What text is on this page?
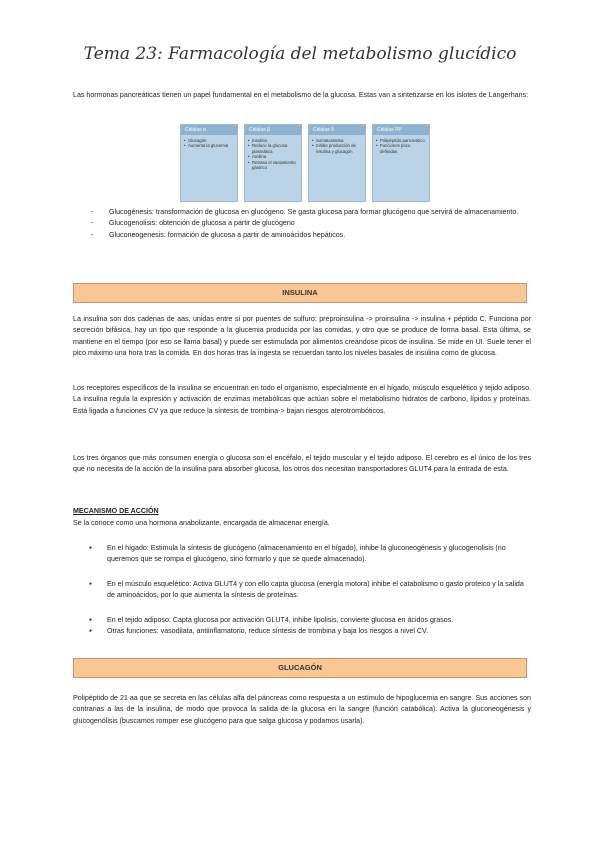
Tema 23: Farmacología del metabolismo glucídico
Las hormonas pancreáticas tienen un papel fundamental en el metabolismo de la glucosa. Estas van a sintetizarse en los islotes de Langerhans:
Células α
• Glucagón
• Aumenta la glucemia
Células β
• Insulina
• Reduce la glucosa plasmática
• Amilina
• Retrasa el vaciamiento gástrico
Células δ
• Somatostatina
• Inhibe producción de insulina y glucagón
Células PP
• Polipéptido pancreático
• Funciones poco definidas
- Glucogénesis: transformación de glucosa en glucógeno. Se gasta glucosa para formar glucógeno que servirá de almacenamiento.
- Glucogenolisis: obtención de glucosa a partir de glucógeno
- Gluconeogenesis: formación de glucosa a partir de aminoácidos hepáticos.
INSULINA
La insulina son dos cadenas de aas, unidas entre sí por puentes de sulfuro: preproinsulina -> proinsulina -> insulina + péptido C. Funciona por secreción bifásica, hay un tipo que responde a la glucemia producida por las comidas, y otro que se produce de forma basal. Esta última, se mantiene en el tiempo (por eso se llama basal) y puede ser estimulada por alimentos creándose picos de insulina. Se mide en UI. Suele tener el pico máximo una hora tras la comida. En dos horas tras la ingesta se recuerdan tanto los niveles basales de insulina como de glucosa.
Los receptores específicos de la insulina se encuentran en todo el organismo, especialmente en el hígado, músculo esquelético y tejido adiposo. La insulina regula la expresión y activación de enzimas metabólicas que actúan sobre el metabolismo hidratos de carbono, lípidos y proteínas. Está ligada a funciones CV ya que reduce la síntesis de trombina-> bajan riesgos aterotrombóticos.
Los tres órganos que más consumen energía o glucosa son el encéfalo, el tejido muscular y el tejido adiposo. El cerebro es el único de los tres que no necesita de la acción de la insulina para absorber glucosa, los otros dos necesitan transportadores GLUT4 para la entrada de esta.
MECANISMO DE ACCIÓN
Se la conoce como una hormona anabolizante, encargada de almacenar energía.
● En el hígado: Estimula la síntesis de glucógeno (almacenamiento en el hígado), inhibe la gluconeogénesis y glucogenolisis (no queremos que se rompa el glucógeno, sino formarlo y que se quede almacenado).
● En el músculo esquelético: Activa GLUT4 y con ello capta glucosa (energía motora) inhibe el catabolismo o gasto proteico y la salida de aminoácidos, por lo que aumenta la síntesis de proteínas.
● En el tejido adiposo: Capta glucosa por activación GLUT4, inhibe lipolisis, convierte glucosa en ácidos grasos.
● Otras funciones: vasodilata, antiinflamatorio, reduce síntesis de trombina y baja los riesgos a nivel CV.
GLUCAGÓN
Polipéptido de 21 aa que se secreta en las células alfa del páncreas como respuesta a un estímulo de hipoglucemia en sangre. Sus acciones son contrarias a las de la insulina, de modo que provoca la salida de la glucosa en la sangre (función catabólica). Activa la gluconeogénesis y glucogenólisis (buscamos romper ese glucógeno para que salga glucosa y podamos usarla).
